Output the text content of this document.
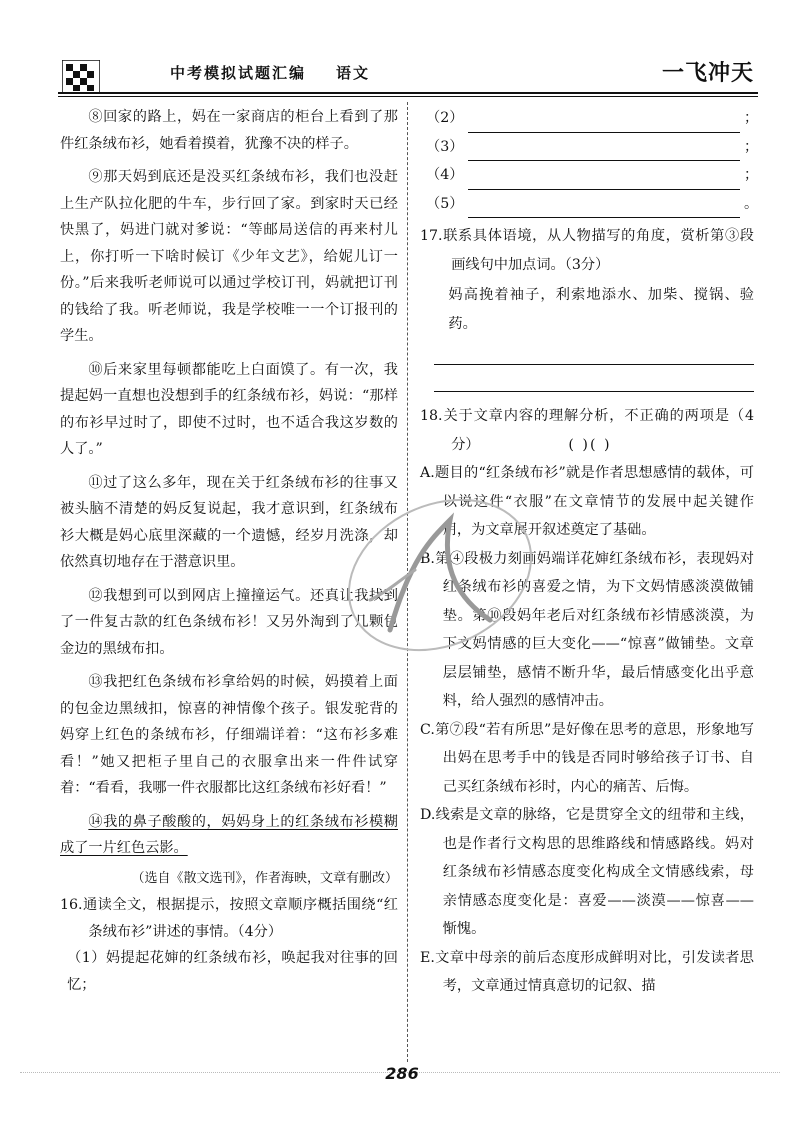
中考模拟试题汇编 语文	一飞冲天

⑧回家的路上，妈在一家商店的柜台上看到了那件红条绒布衫，她看着摸着，犹豫不决的样子。

⑨那天妈到底还是没买红条绒布衫，我们也没赶上生产队拉化肥的牛车，步行回了家。到家时天已经快黑了，妈进门就对爹说：“等邮局送信的再来村儿上，你打听一下啥时候订《少年文艺》，给妮儿订一份。”后来我听老师说可以通过学校订刊，妈就把订刊的钱给了我。听老师说，我是学校唯一一个订报刊的学生。

⑩后来家里每顿都能吃上白面馍了。有一次，我提起妈一直想也没想到手的红条绒布衫，妈说：“那样的布衫早过时了，即使不过时，也不适合我这岁数的人了。”

⑪过了这么多年，现在关于红条绒布衫的往事又被头脑不清楚的妈反复说起，我才意识到，红条绒布衫大概是妈心底里深藏的一个遗憾，经岁月洗涤，却依然真切地存在于潜意识里。

⑫我想到可以到网店上撞撞运气。还真让我找到了一件复古款的红色条绒布衫！又另外淘到了几颗包金边的黑绒布扣。

⑬我把红色条绒布衫拿给妈的时候，妈摸着上面的包金边黑绒扣，惊喜的神情像个孩子。银发驼背的妈穿上红色的条绒布衫，仔细端详着：“这布衫多难看！”她又把柜子里自己的衣服拿出来一件件试穿着：“看看，我哪一件衣服都比这红条绒布衫好看！”

⑭我的鼻子酸酸的，妈妈身上的红条绒布衫模糊成了一片红色云影。

（选自《散文选刊》，作者海映，文章有删改）

16.通读全文，根据提示，按照文章顺序概括围绕“红条绒布衫”讲述的事情。（4分）

（1）妈提起花婶的红条绒布衫，唤起我对往事的回忆；

（2）	；
（3）	；
（4）	；
（5）	。

17.联系具体语境，从人物描写的角度，赏析第③段画线句中加点词。（3分）

妈高挽着袖子，利索地添水、加柴、搅锅、验药。

18.关于文章内容的理解分析，不正确的两项是（4分）	( )( )

A.题目的“红条绒布衫”就是作者思想感情的载体，可以说这件“衣服”在文章情节的发展中起关键作用，为文章展开叙述奠定了基础。

B.第④段极力刻画妈端详花婶红条绒布衫，表现妈对红条绒布衫的喜爱之情，为下文妈情感淡漠做铺垫。第⑩段妈年老后对红条绒布衫情感淡漠，为下文妈情感的巨大变化——“惊喜”做铺垫。文章层层铺垫，感情不断升华，最后情感变化出乎意料，给人强烈的感情冲击。

C.第⑦段“若有所思”是好像在思考的意思，形象地写出妈在思考手中的钱是否同时够给孩子订书、自己买红条绒布衫时，内心的痛苦、后悔。

D.线索是文章的脉络，它是贯穿全文的纽带和主线，也是作者行文构思的思维路线和情感路线。妈对红条绒布衫情感态度变化构成全文情感线索，母亲情感态度变化是：喜爱——淡漠——惊喜——惭愧。

E.文章中母亲的前后态度形成鲜明对比，引发读者思考，文章通过情真意切的记叙、描

286
